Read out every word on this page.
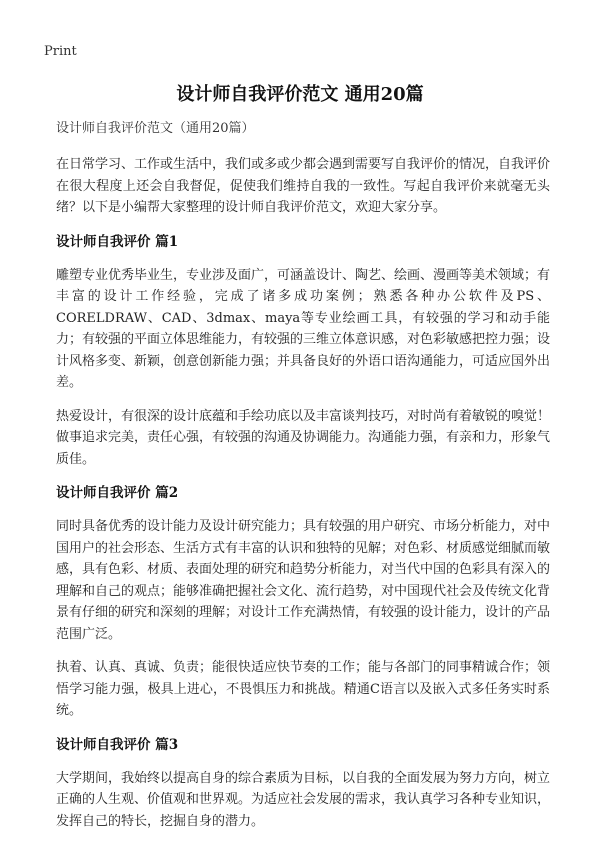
Print
设计师自我评价范文 通用20篇

设计师自我评价范文（通用20篇）

在日常学习、工作或生活中，我们或多或少都会遇到需要写自我评价的情况，自我评价在很大程度上还会自我督促，促使我们维持自我的一致性。写起自我评价来就毫无头绪？以下是小编帮大家整理的设计师自我评价范文，欢迎大家分享。

设计师自我评价 篇1

雕塑专业优秀毕业生，专业涉及面广，可涵盖设计、陶艺、绘画、漫画等美术领域；有丰富的设计工作经验，完成了诸多成功案例；熟悉各种办公软件及PS、CORELDRAW、CAD、3dmax、maya等专业绘画工具，有较强的学习和动手能力；有较强的平面立体思维能力，有较强的三维立体意识感，对色彩敏感把控力强；设计风格多变、新颖，创意创新能力强；并具备良好的外语口语沟通能力，可适应国外出差。

热爱设计，有很深的设计底蕴和手绘功底以及丰富谈判技巧，对时尚有着敏锐的嗅觉！做事追求完美，责任心强，有较强的沟通及协调能力。沟通能力强，有亲和力，形象气质佳。

设计师自我评价 篇2

同时具备优秀的设计能力及设计研究能力；具有较强的用户研究、市场分析能力，对中国用户的社会形态、生活方式有丰富的认识和独特的见解；对色彩、材质感觉细腻而敏感，具有色彩、材质、表面处理的研究和趋势分析能力，对当代中国的色彩具有深入的理解和自己的观点；能够准确把握社会文化、流行趋势，对中国现代社会及传统文化背景有仔细的研究和深刻的理解；对设计工作充满热情，有较强的设计能力，设计的产品范围广泛。

执着、认真、真诚、负责；能很快适应快节奏的工作；能与各部门的同事精诚合作；领悟学习能力强，极具上进心，不畏惧压力和挑战。精通C语言以及嵌入式多任务实时系统。

设计师自我评价 篇3

大学期间，我始终以提高自身的综合素质为目标，以自我的全面发展为努力方向，树立正确的人生观、价值观和世界观。为适应社会发展的需求，我认真学习各种专业知识，发挥自己的特长，挖掘自身的潜力。
